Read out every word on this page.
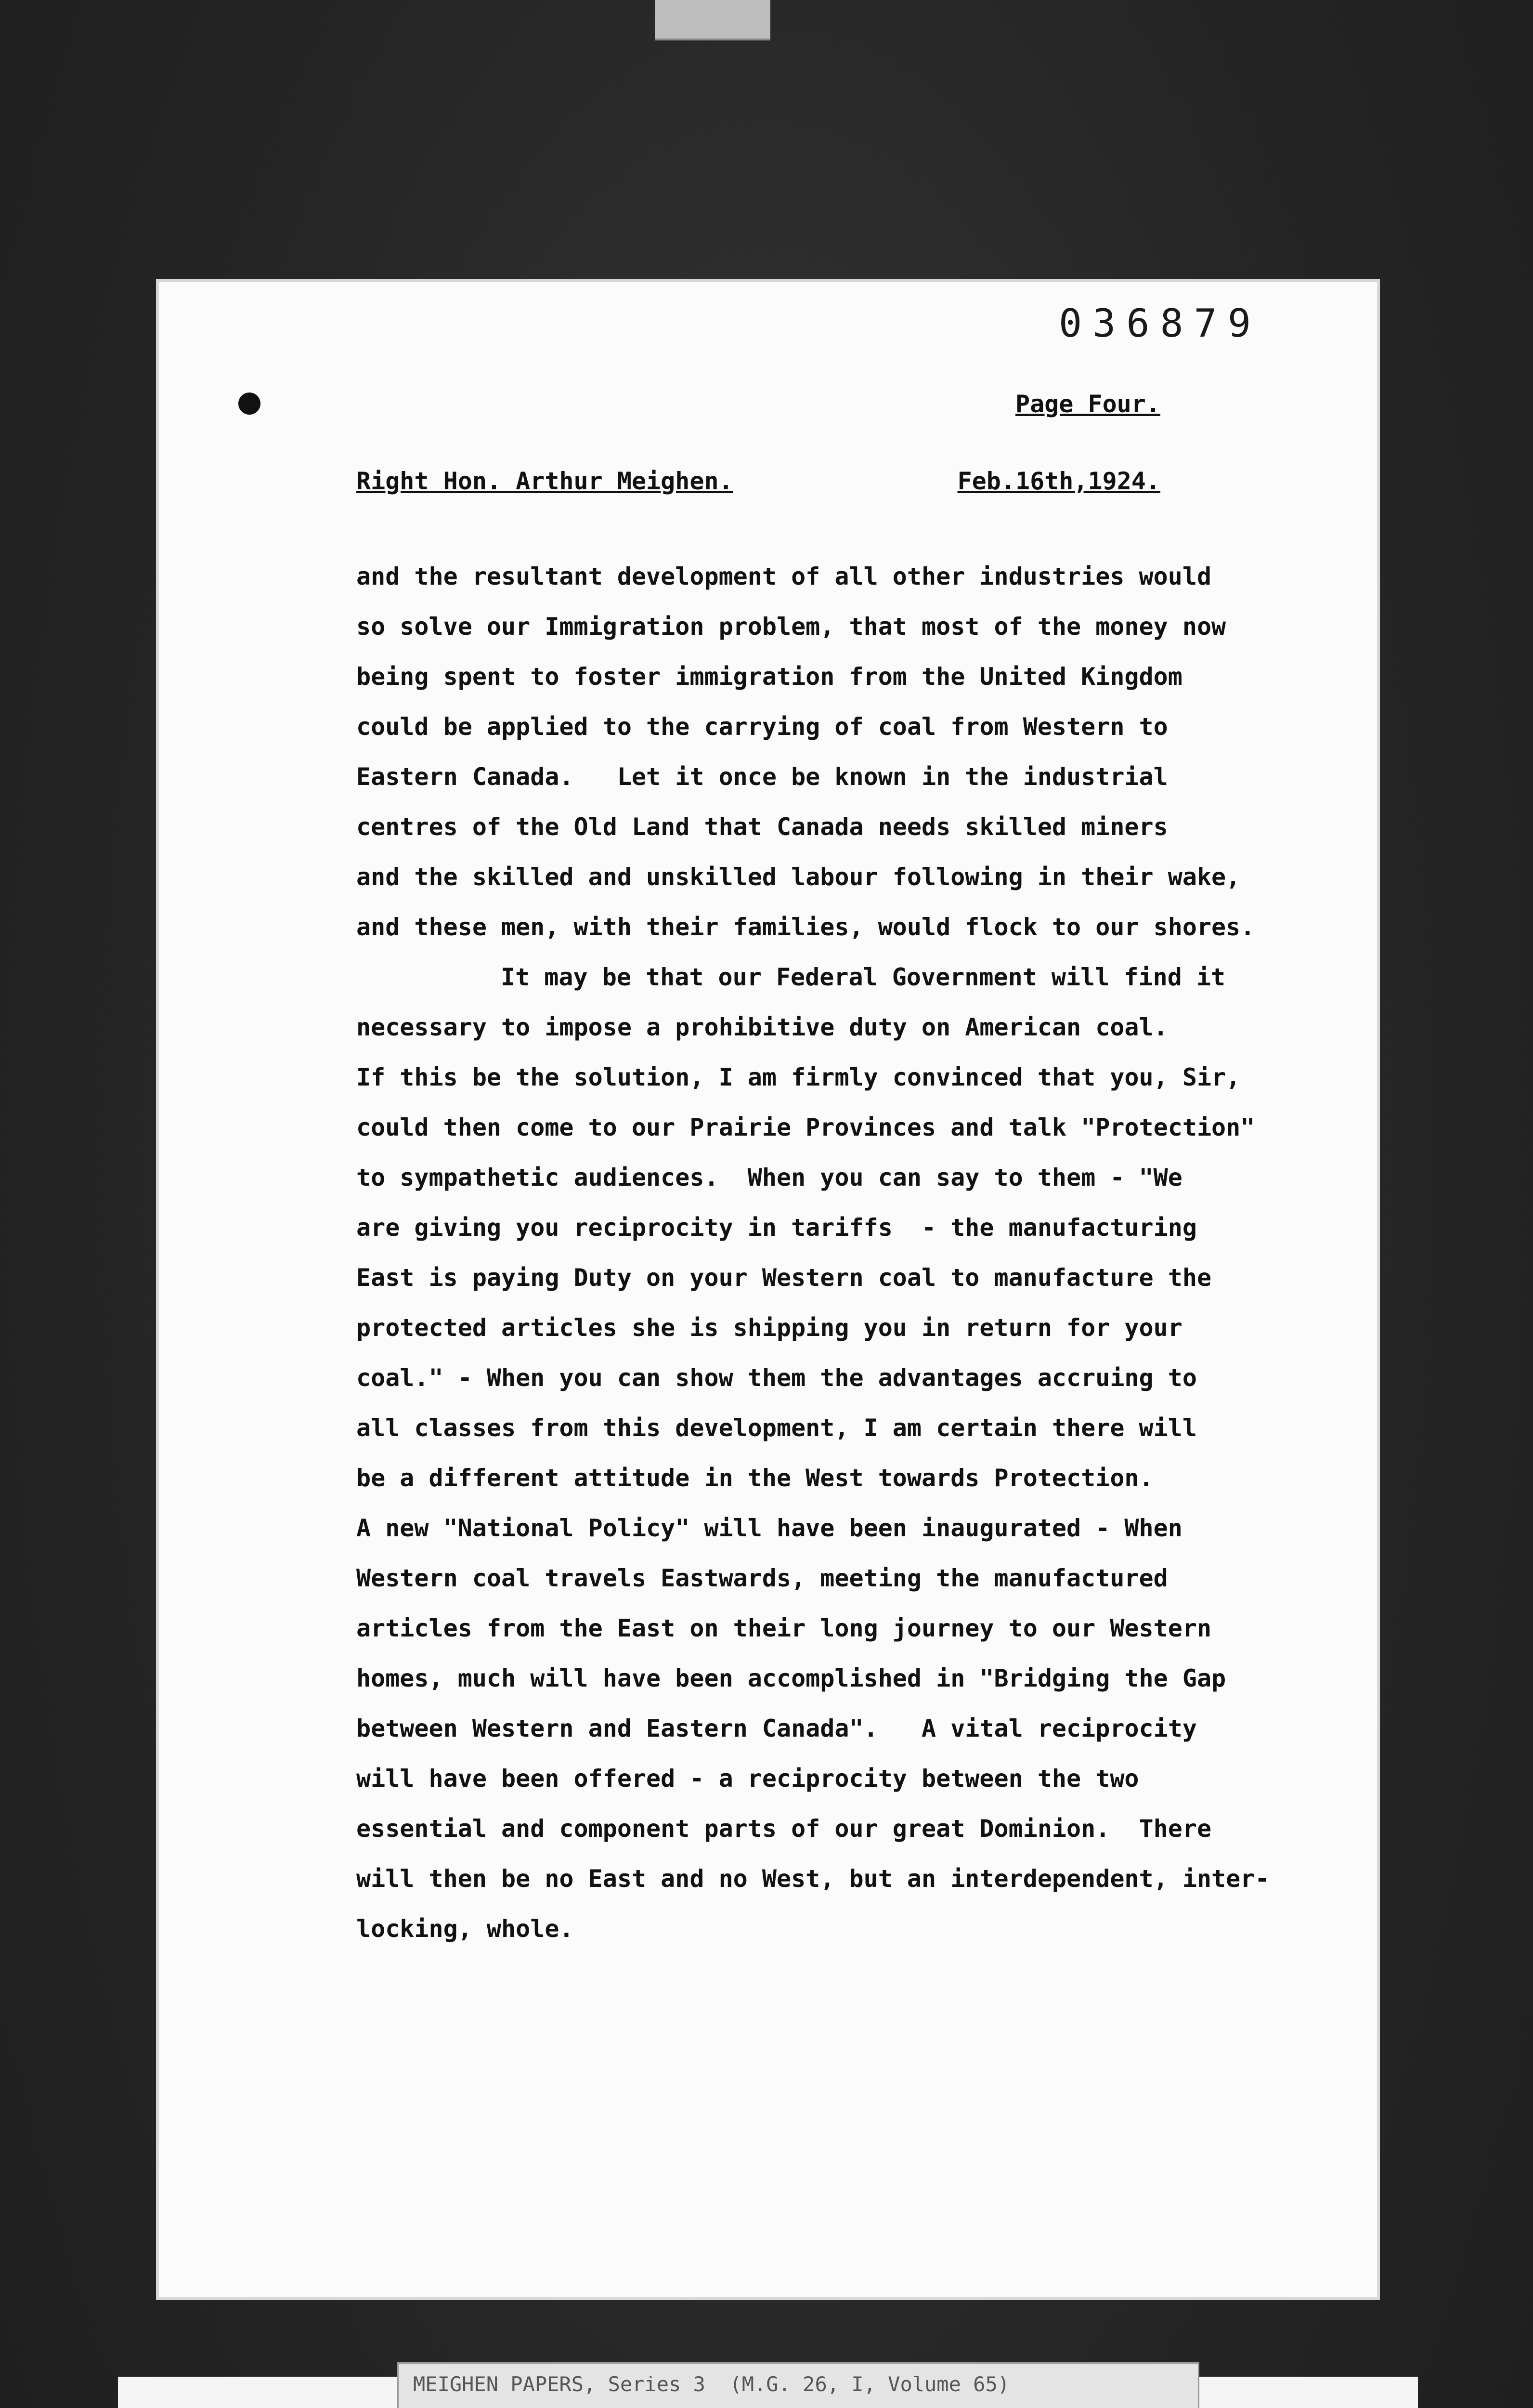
036879
Page Four.
Right Hon. Arthur Meighen.	Feb.16th,1924.
and the resultant development of all other industries would
so solve our Immigration problem, that most of the money now
being spent to foster immigration from the United Kingdom
could be applied to the carrying of coal from Western to
Eastern Canada.   Let it once be known in the industrial
centres of the Old Land that Canada needs skilled miners
and the skilled and unskilled labour following in their wake,
and these men, with their families, would flock to our shores.
It may be that our Federal Government will find it
necessary to impose a prohibitive duty on American coal.
If this be the solution, I am firmly convinced that you, Sir,
could then come to our Prairie Provinces and talk "Protection"
to sympathetic audiences.  When you can say to them - "We
are giving you reciprocity in tariffs  - the manufacturing
East is paying Duty on your Western coal to manufacture the
protected articles she is shipping you in return for your
coal." - When you can show them the advantages accruing to
all classes from this development, I am certain there will
be a different attitude in the West towards Protection.
A new "National Policy" will have been inaugurated - When
Western coal travels Eastwards, meeting the manufactured
articles from the East on their long journey to our Western
homes, much will have been accomplished in "Bridging the Gap
between Western and Eastern Canada".   A vital reciprocity
will have been offered - a reciprocity between the two
essential and component parts of our great Dominion.  There
will then be no East and no West, but an interdependent, inter-
locking, whole.
MEIGHEN PAPERS, Series 3  (M.G. 26, I, Volume 65)
